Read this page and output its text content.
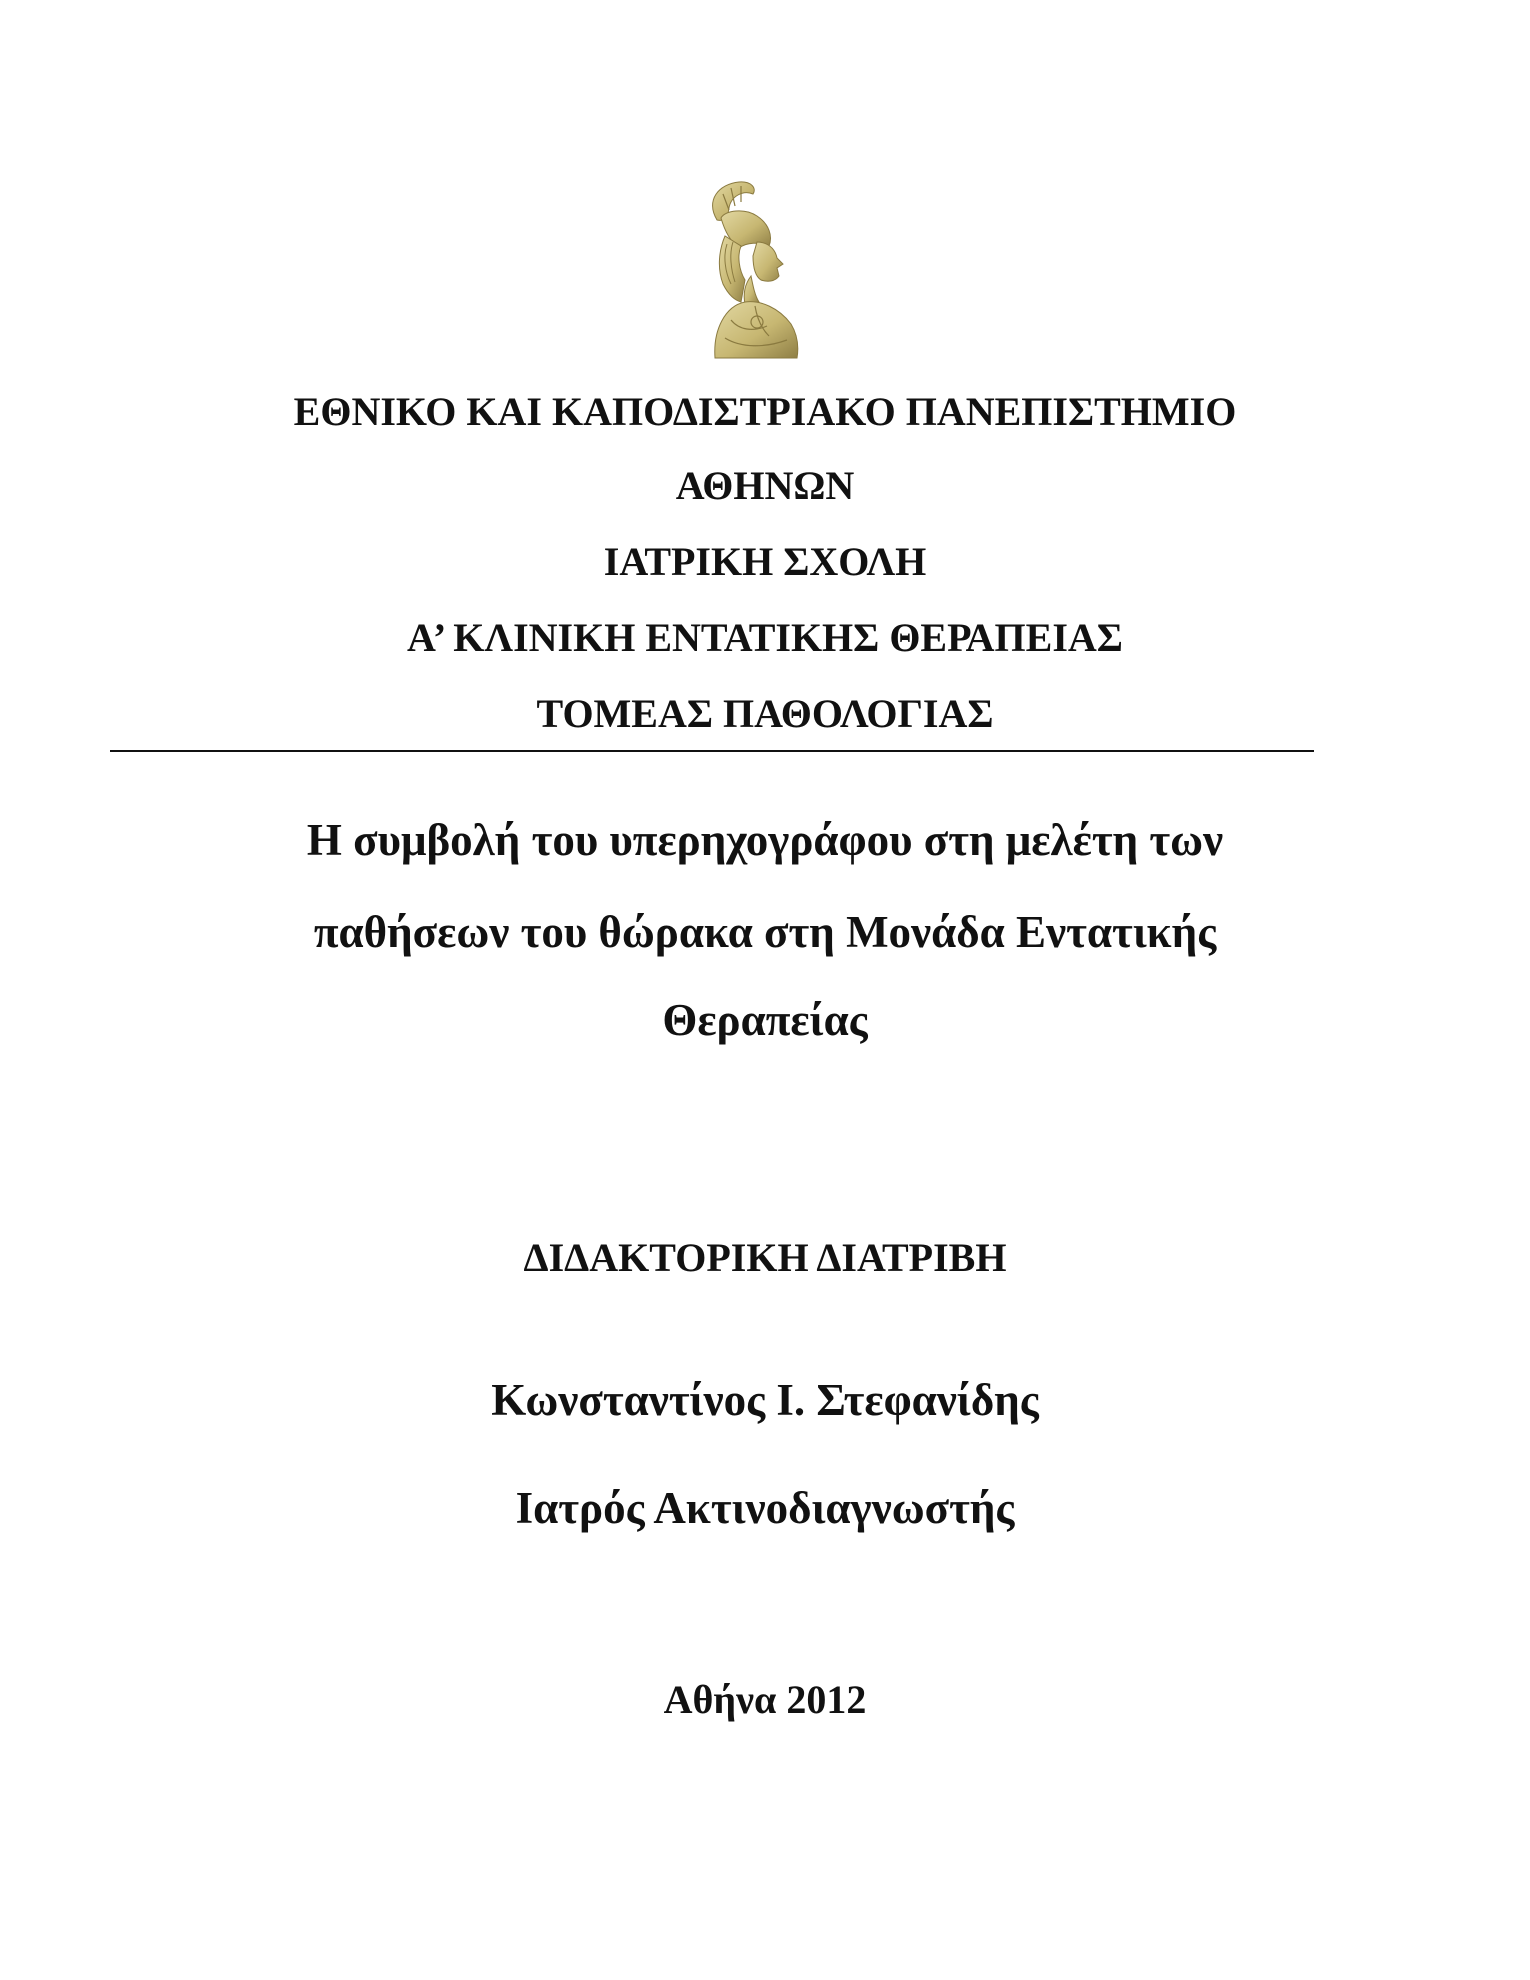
ΕΘΝΙΚΟ ΚΑΙ ΚΑΠΟΔΙΣΤΡΙΑΚΟ ΠΑΝΕΠΙΣΤΗΜΙΟ
ΑΘΗΝΩΝ
ΙΑΤΡΙΚΗ ΣΧΟΛΗ
Α’ ΚΛΙΝΙΚΗ ΕΝΤΑΤΙΚΗΣ ΘΕΡΑΠΕΙΑΣ
ΤΟΜΕΑΣ ΠΑΘΟΛΟΓΙΑΣ
Η συμβολή του υπερηχογράφου στη μελέτη των
παθήσεων του θώρακα στη Μονάδα Εντατικής
Θεραπείας
ΔΙΔΑΚΤΟΡΙΚΗ ΔΙΑΤΡΙΒΗ
Κωνσταντίνος Ι. Στεφανίδης
Ιατρός Ακτινοδιαγνωστής
Αθήνα 2012
